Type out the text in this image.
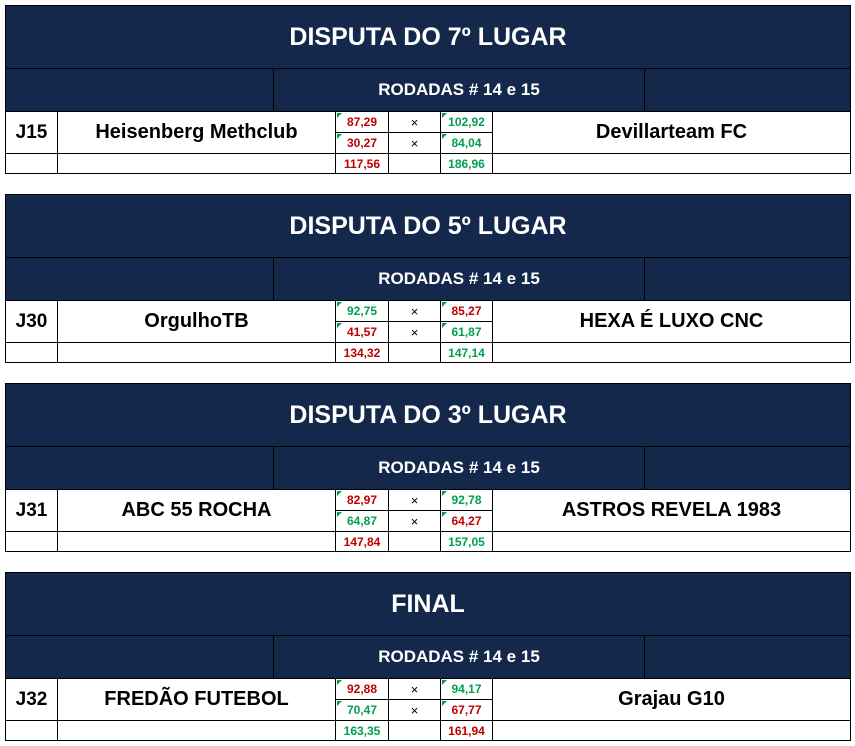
DISPUTA DO 7º LUGAR
RODADAS # 14 e 15
J15 Heisenberg Methclub	Devillarteam FC
87,29	× 102,92
30,27	×	84,04
117,56	186,96
DISPUTA DO 5º LUGAR
RODADAS # 14 e 15
J30	OrgulhoTB	HEXA É LUXO CNC
92,75	×	85,27
41,57	×	61,87
134,32	147,14
DISPUTA DO 3º LUGAR
RODADAS # 14 e 15
J31	ABC 55 ROCHA	ASTROS REVELA 1983
82,97	×	92,78
64,87	×	64,27
147,84	157,05
FINAL
RODADAS # 14 e 15
J32	FREDÃO FUTEBOL	Grajau G10
92,88	×	94,17
70,47	×	67,77
163,35	161,94
